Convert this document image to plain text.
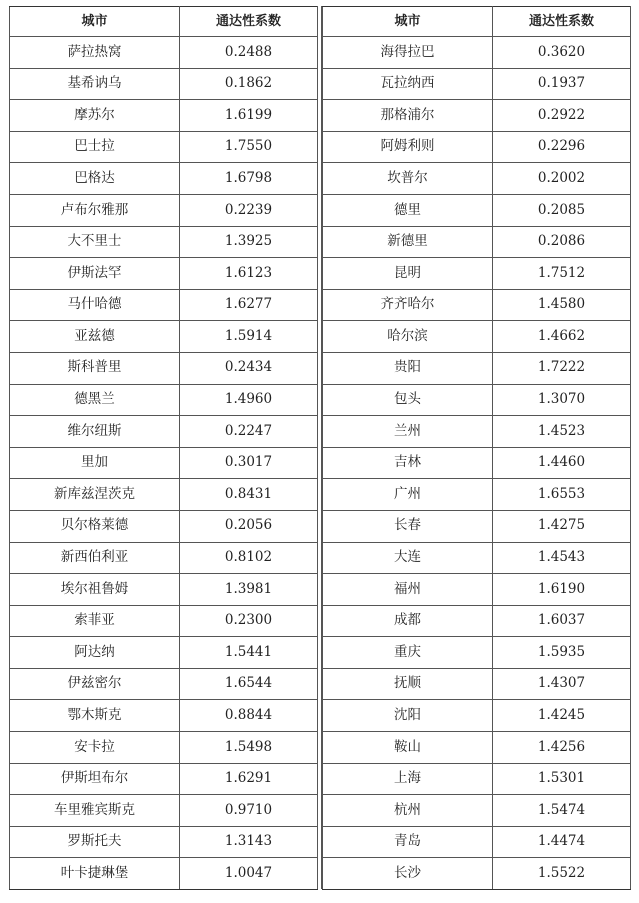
城市	通达性系数
萨拉热窝	0.2488
基希讷乌	0.1862
摩苏尔	1.6199
巴士拉	1.7550
巴格达	1.6798
卢布尔雅那	0.2239
大不里士	1.3925
伊斯法罕	1.6123
马什哈德	1.6277
亚兹德	1.5914
斯科普里	0.2434
德黑兰	1.4960
维尔纽斯	0.2247
里加	0.3017
新库兹涅茨克	0.8431
贝尔格莱德	0.2056
新西伯利亚	0.8102
埃尔祖鲁姆	1.3981
索菲亚	0.2300
阿达纳	1.5441
伊兹密尔	1.6544
鄂木斯克	0.8844
安卡拉	1.5498
伊斯坦布尔	1.6291
车里雅宾斯克	0.9710
罗斯托夫	1.3143
叶卡捷琳堡	1.0047
城市	通达性系数
海得拉巴	0.3620
瓦拉纳西	0.1937
那格浦尔	0.2922
阿姆利则	0.2296
坎普尔	0.2002
德里	0.2085
新德里	0.2086
昆明	1.7512
齐齐哈尔	1.4580
哈尔滨	1.4662
贵阳	1.7222
包头	1.3070
兰州	1.4523
吉林	1.4460
广州	1.6553
长春	1.4275
大连	1.4543
福州	1.6190
成都	1.6037
重庆	1.5935
抚顺	1.4307
沈阳	1.4245
鞍山	1.4256
上海	1.5301
杭州	1.5474
青岛	1.4474
长沙	1.5522
